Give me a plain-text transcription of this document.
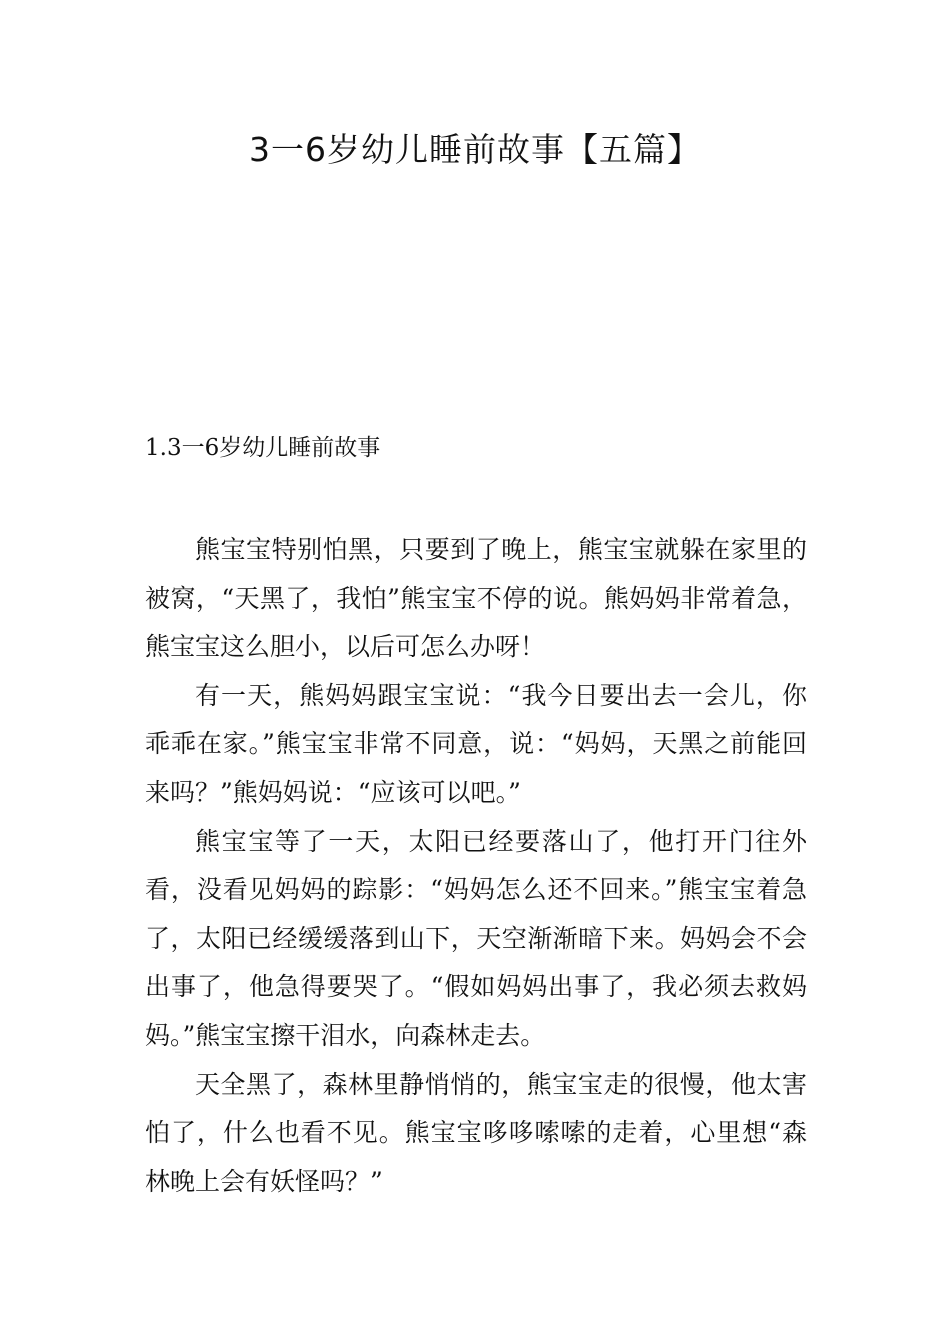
3一6岁幼儿睡前故事【五篇】
1.3一6岁幼儿睡前故事

熊宝宝特别怕黑，只要到了晚上，熊宝宝就躲在家里的被窝，“天黑了，我怕”熊宝宝不停的说。熊妈妈非常着急，熊宝宝这么胆小，以后可怎么办呀！

有一天，熊妈妈跟宝宝说：“我今日要出去一会儿，你乖乖在家。”熊宝宝非常不同意，说：“妈妈，天黑之前能回来吗？”熊妈妈说：“应该可以吧。”

熊宝宝等了一天，太阳已经要落山了，他打开门往外看，没看见妈妈的踪影：“妈妈怎么还不回来。”熊宝宝着急了，太阳已经缓缓落到山下，天空渐渐暗下来。妈妈会不会出事了，他急得要哭了。“假如妈妈出事了，我必须去救妈妈。”熊宝宝擦干泪水，向森林走去。

天全黑了，森林里静悄悄的，熊宝宝走的很慢，他太害怕了，什么也看不见。熊宝宝哆哆嗦嗦的走着，心里想“森林晚上会有妖怪吗？”
